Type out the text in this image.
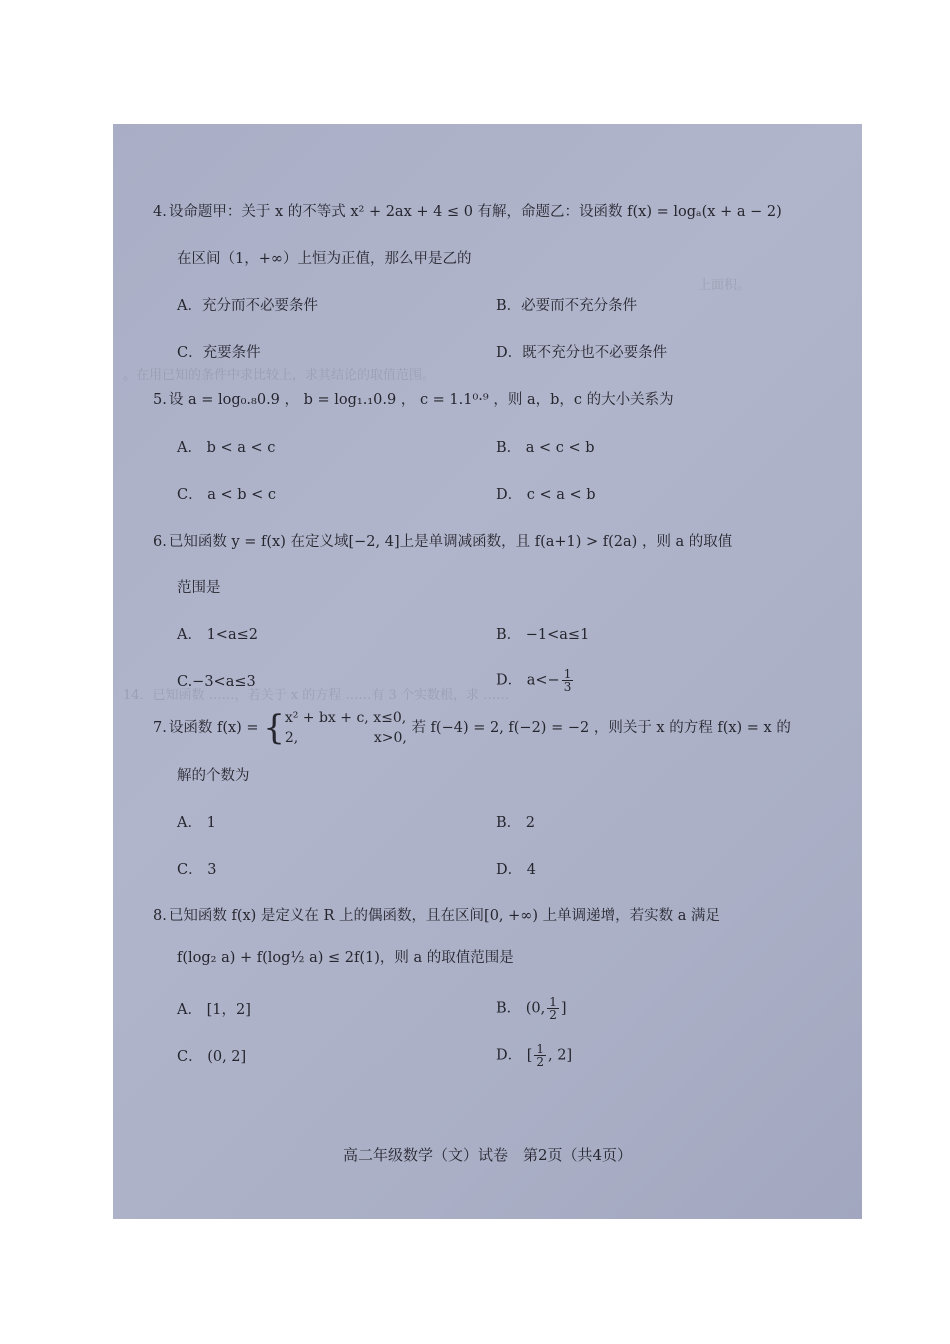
上面积。
。在用已知的条件中求比较上，求其结论的取值范围。
14．已知函数 ……，若关于 x 的方程 ……有 3 个实数根，求 ……
4. 设命题甲：关于 x 的不等式 x² + 2ax + 4 ≤ 0 有解，命题乙：设函数 f(x) = logₐ(x + a − 2)
在区间（1，+∞）上恒为正值，那么甲是乙的
A．充分而不必要条件	B．必要而不充分条件
C．充要条件	D．既不充分也不必要条件
5. 设 a = log₀.₈0.9 ， b = log₁.₁0.9 ， c = 1.1⁰·⁹ ，则 a，b，c 的大小关系为
A． b < a < c	B． a < c < b
C． a < b < c	D． c < a < b
6. 已知函数 y = f(x) 在定义域[−2, 4]上是单调减函数，且 f(a+1) > f(2a) ，则 a 的取值
范围是
A． 1<a≤2	B． −1<a≤1
C.−3<a≤3	D． $a<- \frac{1}{3}$
7. 设函数 f(x) = { x² + bx + c, x≤0,
2,                 x>0,
若 f(−4) = 2, f(−2) = −2 ，则关于 x 的方程 f(x) = x 的
解的个数为
A． 1	B． 2
C． 3	D． 4
8. 已知函数 f(x) 是定义在 R 上的偶函数，且在区间[0, +∞) 上单调递增，若实数 a 满足
f(log₂ a) + f(log½ a) ≤ 2f(1)，则 a 的取值范围是
A． [1，2]	B． (0, $\frac{1}{2}$ ]
C． (0, 2]	D． [ $\frac{1}{2}$ , 2]
高二年级数学（文）试卷　第2页（共4页）
